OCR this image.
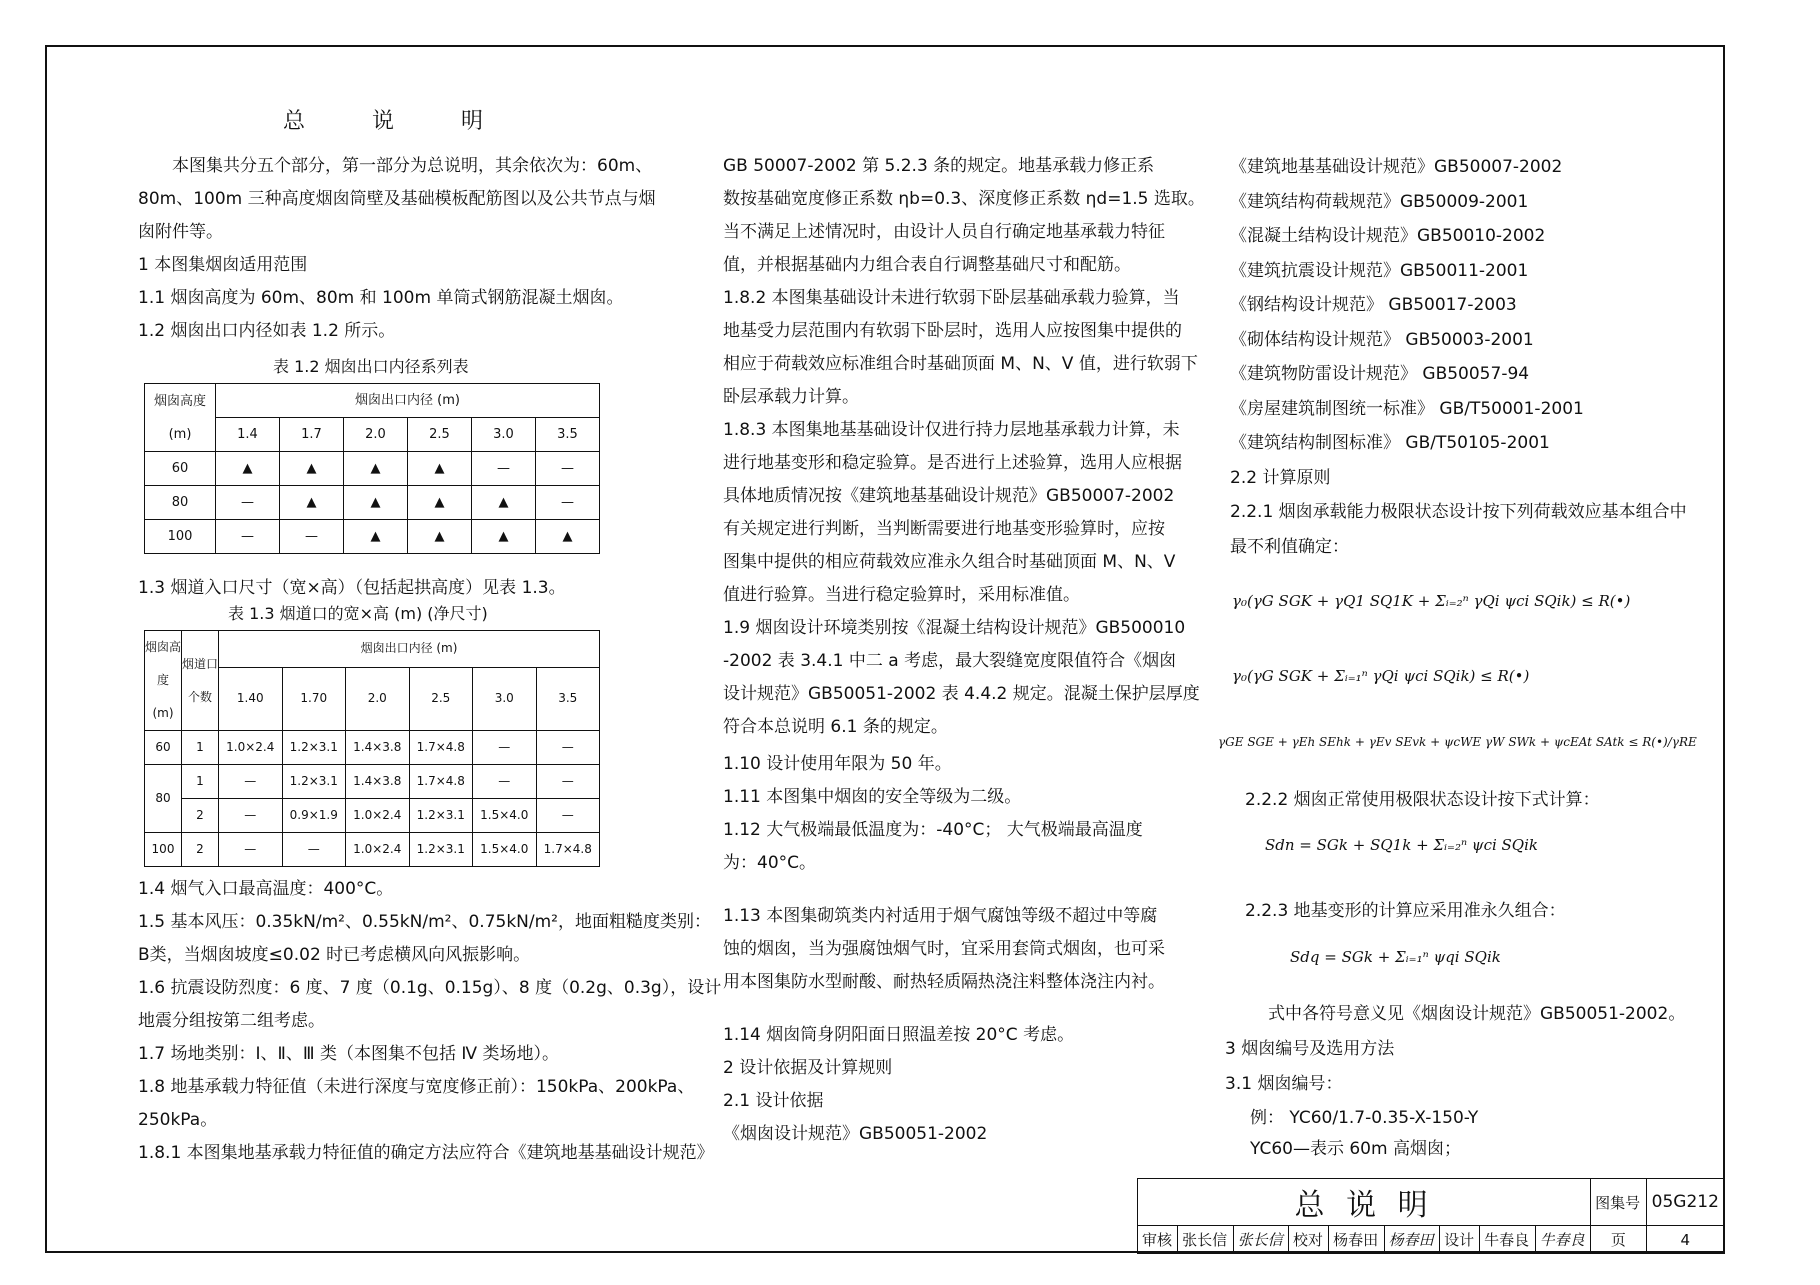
总 说 明

本图集共分五个部分，第一部分为总说明，其余依次为：60m、

80m、100m 三种高度烟囱筒壁及基础模板配筋图以及公共节点与烟

囱附件等。

1 本图集烟囱适用范围

1.1 烟囱高度为 60m、80m 和 100m 单筒式钢筋混凝土烟囱。

1.2 烟囱出口内径如表 1.2 所示。

表 1.2 烟囱出口内径系列表

烟囱高度 (m)	烟囱出口内径 (m)					
	1.4	1.7	2.0	2.5	3.0	3.5
60	▲	▲	▲	▲	—	—
80	—	▲	▲	▲	▲	—
100	—	—	▲	▲	▲	▲

1.3 烟道入口尺寸（宽×高）（包括起拱高度）见表 1.3。

表 1.3 烟道口的宽×高 (m) (净尺寸)

烟囱高度 (m)	烟道口个数	烟囱出口内径 (m)					
		1.40	1.70	2.0	2.5	3.0	3.5
60	1	1.0×2.4	1.2×3.1	1.4×3.8	1.7×4.8	—	—
80	1	—	1.2×3.1	1.4×3.8	1.7×4.8	—	—
	2	—	0.9×1.9	1.0×2.4	1.2×3.1	1.5×4.0	—
100	2	—	—	1.0×2.4	1.2×3.1	1.5×4.0	1.7×4.8

1.4 烟气入口最高温度：400°C。

1.5 基本风压：0.35kN/m²、0.55kN/m²、0.75kN/m²，地面粗糙度类别：

B类，当烟囱坡度≤0.02 时已考虑横风向风振影响。

1.6 抗震设防烈度：6 度、7 度（0.1g、0.15g）、8 度（0.2g、0.3g），设计

地震分组按第二组考虑。

1.7 场地类别：Ⅰ、Ⅱ、Ⅲ 类（本图集不包括 Ⅳ 类场地）。

1.8 地基承载力特征值（未进行深度与宽度修正前）：150kPa、200kPa、

250kPa。

1.8.1 本图集地基承载力特征值的确定方法应符合《建筑地基基础设计规范》

GB 50007-2002 第 5.2.3 条的规定。地基承载力修正系

数按基础宽度修正系数 ηb=0.3、深度修正系数 ηd=1.5 选取。

当不满足上述情况时，由设计人员自行确定地基承载力特征

值，并根据基础内力组合表自行调整基础尺寸和配筋。

1.8.2 本图集基础设计未进行软弱下卧层基础承载力验算，当

地基受力层范围内有软弱下卧层时，选用人应按图集中提供的

相应于荷载效应标准组合时基础顶面 M、N、V 值，进行软弱下

卧层承载力计算。

1.8.3 本图集地基基础设计仅进行持力层地基承载力计算，未

进行地基变形和稳定验算。是否进行上述验算，选用人应根据

具体地质情况按《建筑地基基础设计规范》GB50007-2002

有关规定进行判断，当判断需要进行地基变形验算时，应按

图集中提供的相应荷载效应准永久组合时基础顶面 M、N、V

值进行验算。当进行稳定验算时，采用标准值。

1.9 烟囱设计环境类别按《混凝土结构设计规范》GB500010

-2002 表 3.4.1 中二 a 考虑，最大裂缝宽度限值符合《烟囱

设计规范》GB50051-2002 表 4.4.2 规定。混凝土保护层厚度

符合本总说明 6.1 条的规定。

1.10 设计使用年限为 50 年。

1.11 本图集中烟囱的安全等级为二级。

1.12 大气极端最低温度为：-40°C； 大气极端最高温度

为：40°C。

1.13 本图集砌筑类内衬适用于烟气腐蚀等级不超过中等腐

蚀的烟囱，当为强腐蚀烟气时，宜采用套筒式烟囱，也可采

用本图集防水型耐酸、耐热轻质隔热浇注料整体浇注内衬。

1.14 烟囱筒身阴阳面日照温差按 20°C 考虑。

2 设计依据及计算规则

2.1 设计依据

《烟囱设计规范》GB50051-2002

《建筑地基基础设计规范》GB50007-2002

《建筑结构荷载规范》GB50009-2001

《混凝土结构设计规范》GB50010-2002

《建筑抗震设计规范》GB50011-2001

《钢结构设计规范》 GB50017-2003

《砌体结构设计规范》 GB50003-2001

《建筑物防雷设计规范》 GB50057-94

《房屋建筑制图统一标准》 GB/T50001-2001

《建筑结构制图标准》 GB/T50105-2001

2.2 计算原则

2.2.1 烟囱承载能力极限状态设计按下列荷载效应基本组合中

最不利值确定：

γ₀(γG SGK + γQ1 SQ1K + Σᵢ₌₂ⁿ γQi ψci SQik) ≤ R(•)
γ₀(γG SGK + Σᵢ₌₁ⁿ γQi ψci SQik) ≤ R(•)
γGE SGE + γEh SEhk + γEv SEvk + ψcWE γW SWk + ψcEAt SAtk ≤ R(•)/γRE
2.2.2 烟囱正常使用极限状态设计按下式计算：
Sdn = SGk + SQ1k + Σᵢ₌₂ⁿ ψci SQik
2.2.3 地基变形的计算应采用准永久组合：
Sdq = SGk + Σᵢ₌₁ⁿ ψqi SQik
式中各符号意义见《烟囱设计规范》GB50051-2002。
3 烟囱编号及选用方法
3.1 烟囱编号：
例： YC60/1.7-0.35-X-150-Y
YC60—表示 60m 高烟囱；
总 说 明									图集号	05G212
审核	张长信	张长信	校对	杨春田	杨春田	设计	牛春良	牛春良	页	4
